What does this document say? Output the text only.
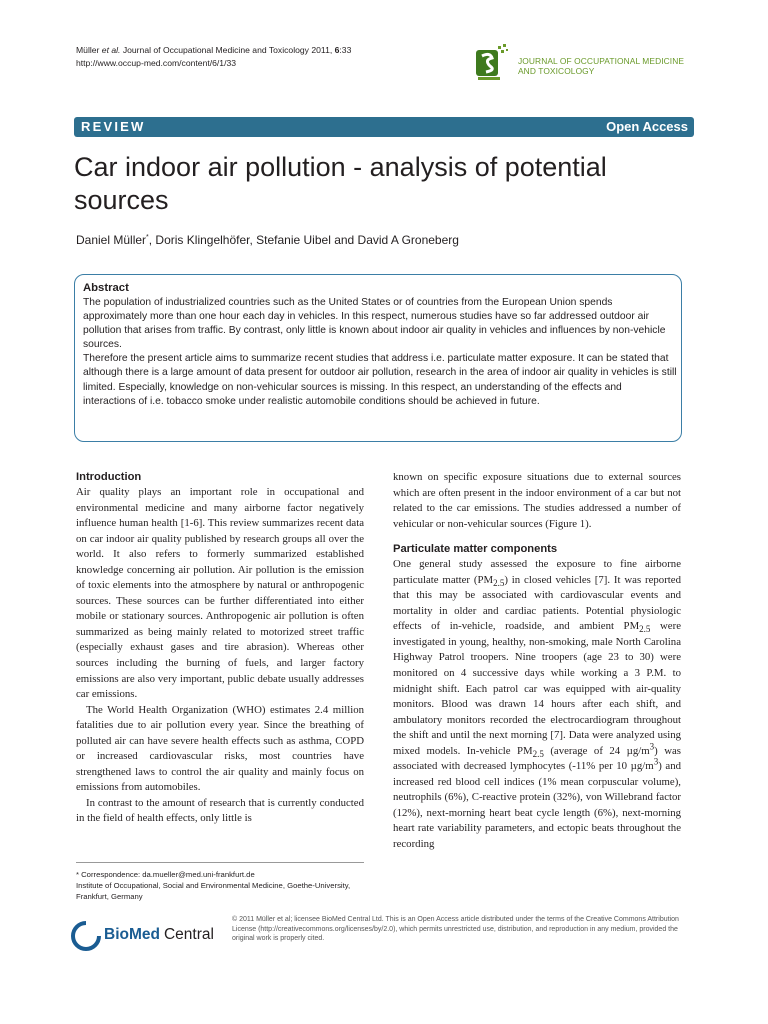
Müller et al. Journal of Occupational Medicine and Toxicology 2011, 6:33
http://www.occup-med.com/content/6/1/33	JOURNAL OF OCCUPATIONAL MEDICINE
AND TOXICOLOGY
REVIEW	Open Access
Car indoor air pollution - analysis of potential sources
Daniel Müller*, Doris Klingelhöfer, Stefanie Uibel and David A Groneberg
Abstract

The population of industrialized countries such as the United States or of countries from the European Union spends approximately more than one hour each day in vehicles. In this respect, numerous studies have so far addressed outdoor air pollution that arises from traffic. By contrast, only little is known about indoor air quality in vehicles and influences by non-vehicle sources.

Therefore the present article aims to summarize recent studies that address i.e. particulate matter exposure. It can be stated that although there is a large amount of data present for outdoor air pollution, research in the area of indoor air quality in vehicles is still limited. Especially, knowledge on non-vehicular sources is missing. In this respect, an understanding of the effects and interactions of i.e. tobacco smoke under realistic automobile conditions should be achieved in future.

Introduction

Air quality plays an important role in occupational and environmental medicine and many airborne factor negatively influence human health [1-6]. This review summarizes recent data on car indoor air quality published by research groups all over the world. It also refers to formerly summarized established knowledge concerning air pollution. Air pollution is the emission of toxic elements into the atmosphere by natural or anthropogenic sources. These sources can be further differentiated into either mobile or stationary sources. Anthropogenic air pollution is often summarized as being mainly related to motorized street traffic (especially exhaust gases and tire abrasion). Whereas other sources including the burning of fuels, and larger factory emissions are also very important, public debate usually addresses car emissions.

The World Health Organization (WHO) estimates 2.4 million fatalities due to air pollution every year. Since the breathing of polluted air can have severe health effects such as asthma, COPD or increased cardiovascular risks, most countries have strengthened laws to control the air quality and mainly focus on emissions from automobiles.

In contrast to the amount of research that is currently conducted in the field of health effects, only little is

known on specific exposure situations due to external sources which are often present in the indoor environment of a car but not related to the car emissions. The studies addressed a number of vehicular or non-vehicular sources (Figure 1).

Particulate matter components

One general study assessed the exposure to fine airborne particulate matter $(PM_{2.5})$ in closed vehicles [7]. It was reported that this may be associated with cardiovascular events and mortality in older and cardiac patients. Potential physiologic effects of in-vehicle, roadside, and ambient $PM_{2.5}$ were investigated in young, healthy, non-smoking, male North Carolina Highway Patrol troopers. Nine troopers (age 23 to 30) were monitored on 4 successive days while working a 3 P.M. to midnight shift. Each patrol car was equipped with air-quality monitors. Blood was drawn 14 hours after each shift, and ambulatory monitors recorded the electrocardiogram throughout the shift and until the next morning [7]. Data were analyzed using mixed models. In-vehicle $PM_{2.5}$ (average of 24 $\mu g/m^3$) was associated with decreased lymphocytes (-11% per 10 $\mu g/m^3$) and increased red blood cell indices (1% mean corpuscular volume), neutrophils (6%), C-reactive protein (32%), von Willebrand factor (12%), next-morning heart beat cycle length (6%), next-morning heart rate variability parameters, and ectopic beats throughout the recording

* Correspondence: da.mueller@med.uni-frankfurt.de

Institute of Occupational, Social and Environmental Medicine, Goethe-University, Frankfurt, Germany

BioMed Central
© 2011 Müller et al; licensee BioMed Central Ltd. This is an Open Access article distributed under the terms of the Creative Commons Attribution License (http://creativecommons.org/licenses/by/2.0), which permits unrestricted use, distribution, and reproduction in any medium, provided the original work is properly cited.
